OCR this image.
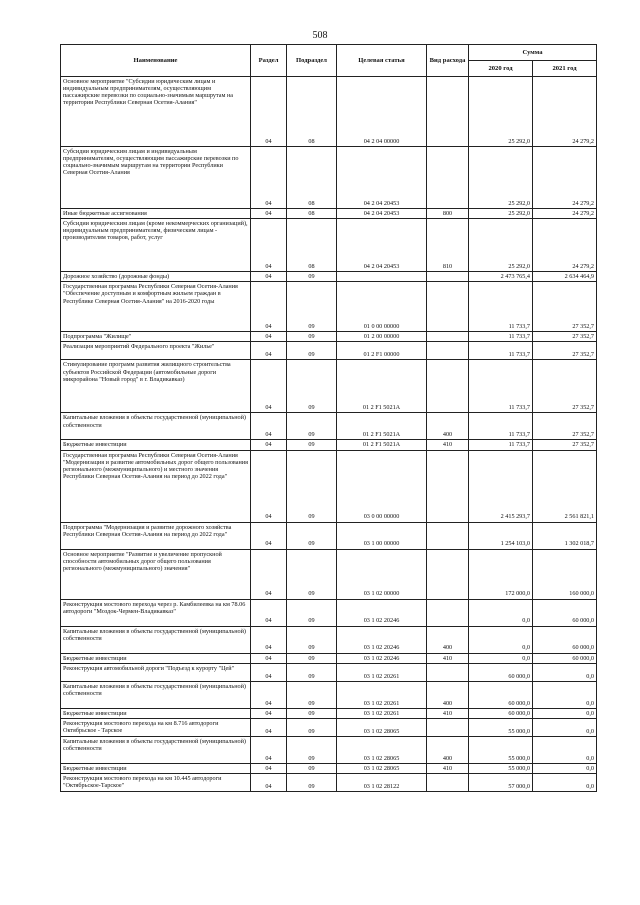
508
Наименование	Раздел	Подраздел	Целевая статья	Вид расхода	Сумма	
					2020 год	2021 год
Основное мероприятие "Субсидии юридическим лицам и индивидуальным предпринимателям, осуществляющим пассажирские перевозки по социально-значимым маршрутам на территории Республики Северная Осетия-Алания"	04	08	04 2 04 00000		25 292,0	24 279,2
Субсидии юридическим лицам и индивидуальным предпринимателям, осуществляющим пассажирские перевозки по социально-значимым маршрутам на территории Республики Северная Осетия-Алания	04	08	04 2 04 20453		25 292,0	24 279,2
Иные бюджетные ассигнования	04	08	04 2 04 20453	800	25 292,0	24 279,2
Субсидии юридическим лицам (кроме некоммерческих организаций), индивидуальным предпринимателям, физическим лицам - производителям товаров, работ, услуг	04	08	04 2 04 20453	810	25 292,0	24 279,2
Дорожное хозяйство (дорожные фонды)	04	09			2 473 765,4	2 634 464,9
Государственная программа Республики Северная Осетия-Алания "Обеспечение доступным и комфортным жильем граждан в Республике Северная Осетия-Алания" на 2016-2020 годы	04	09	01 0 00 00000		11 733,7	27 352,7
Подпрограмма "Жилище"	04	09	01 2 00 00000		11 733,7	27 352,7
Реализация мероприятий Федерального проекта "Жилье"	04	09	01 2 F1 00000		11 733,7	27 352,7
Стимулирование программ развития жилищного строительства субъектов Российской Федерации (автомобильные дороги микрорайона "Новый город" в г. Владикавказ)	04	09	01 2 F1 5021A		11 733,7	27 352,7
Капитальные вложения в объекты государственной (муниципальной) собственности	04	09	01 2 F1 5021A	400	11 733,7	27 352,7
Бюджетные инвестиции	04	09	01 2 F1 5021A	410	11 733,7	27 352,7
Государственная программа Республики Северная Осетия-Алания "Модернизация и развитие автомобильных дорог общего пользования регионального (межмуниципального) и местного значения Республики Северная Осетия-Алания на период до 2022 года"	04	09	03 0 00 00000		2 415 293,7	2 561 821,1
Подпрограмма "Модернизация и развитие дорожного хозяйства Республики Северная Осетия-Алания на период до 2022 года"	04	09	03 1 00 00000		1 254 103,0	1 302 018,7
Основное мероприятие "Развитие и увеличение пропускной способности автомобильных дорог общего пользования регионального (межмуниципального) значения"	04	09	03 1 02 00000		172 000,0	160 000,0
Реконструкция мостового перехода через р. Камбилеевка на км 78.06 автодороги "Моздок-Чермен-Владикавказ"	04	09	03 1 02 20246		0,0	60 000,0
Капитальные вложения в объекты государственной (муниципальной) собственности	04	09	03 1 02 20246	400	0,0	60 000,0
Бюджетные инвестиции	04	09	03 1 02 20246	410	0,0	60 000,0
Реконструкция автомобильной дороги "Подъезд к курорту "Цей"	04	09	03 1 02 20261		60 000,0	0,0
Капитальные вложения в объекты государственной (муниципальной) собственности	04	09	03 1 02 20261	400	60 000,0	0,0
Бюджетные инвестиции	04	09	03 1 02 20261	410	60 000,0	0,0
Реконструкция мостового перехода на км 8.716 автодороги Октябрьское - Тарское	04	09	03 1 02 28065		55 000,0	0,0
Капитальные вложения в объекты государственной (муниципальной) собственности	04	09	03 1 02 28065	400	55 000,0	0,0
Бюджетные инвестиции	04	09	03 1 02 28065	410	55 000,0	0,0
Реконструкция мостового перехода на км 10.445 автодороги "Октябрьское-Тарское"	04	09	03 1 02 28122		57 000,0	0,0
